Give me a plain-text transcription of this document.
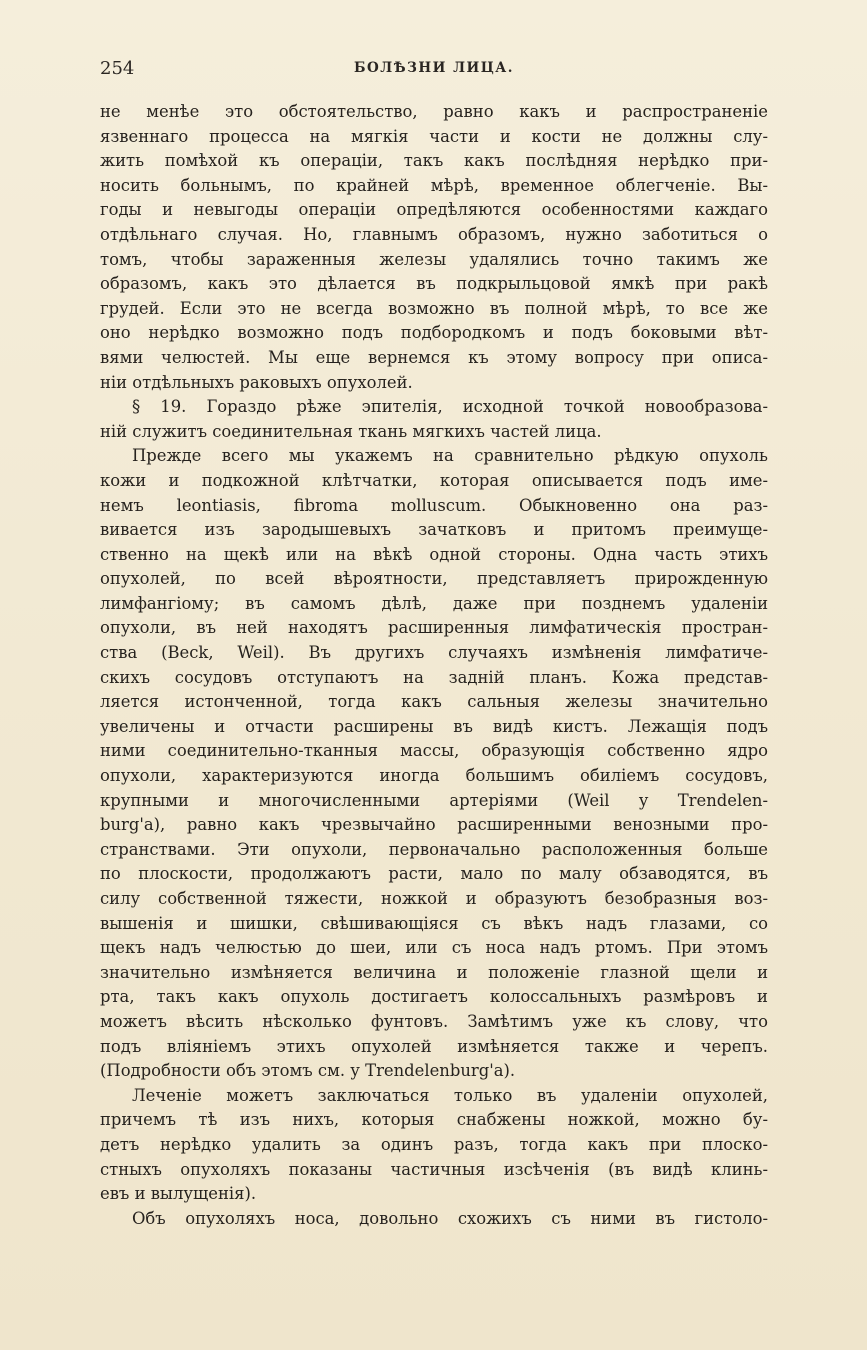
254	БОЛѢЗНИ ЛИЦА.
не менѣе это обстоятельство, равно какъ и распространеніе
язвеннаго процесса на мягкія части и кости не должны слу-
жить помѣхой къ операціи, такъ какъ послѣдняя нерѣдко при-
носить больнымъ, по крайней мѣрѣ, временное облегченіе. Вы-
годы и невыгоды операціи опредѣляются особенностями каждаго
отдѣльнаго случая. Но, главнымъ образомъ, нужно заботиться о
томъ, чтобы зараженныя железы удалялись точно такимъ же
образомъ, какъ это дѣлается въ подкрыльцовой ямкѣ при ракѣ
грудей. Если это не всегда возможно въ полной мѣрѣ, то все же
оно нерѣдко возможно подъ подбородкомъ и подъ боковыми вѣт-
вями челюстей. Мы еще вернемся къ этому вопросу при описа-
ніи отдѣльныхъ раковыхъ опухолей.
§ 19. Гораздо рѣже эпителія, исходной точкой новообразова-
ній служитъ соединительная ткань мягкихъ частей лица.
Прежде всего мы укажемъ на сравнительно рѣдкую опухоль
кожи и подкожной клѣтчатки, которая описывается подъ име-
немъ leontiasis, fibroma molluscum. Обыкновенно она раз-
вивается изъ зародышевыхъ зачатковъ и притомъ преимуще-
ственно на щекѣ или на вѣкѣ одной стороны. Одна часть этихъ
опухолей, по всей вѣроятности, представляетъ прирожденную
лимфангіому; въ самомъ дѣлѣ, даже при позднемъ удаленіи
опухоли, въ ней находятъ расширенныя лимфатическія простран-
ства (Beck, Weil). Въ другихъ случаяхъ измѣненія лимфатиче-
скихъ сосудовъ отступаютъ на задній планъ. Кожа представ-
ляется истонченной, тогда какъ сальныя железы значительно
увеличены и отчасти расширены въ видѣ кистъ. Лежащія подъ
ними соединительно-тканныя массы, образующія собственно ядро
опухоли, характеризуются иногда большимъ обиліемъ сосудовъ,
крупными и многочисленными артеріями (Weil у Trendelen-
burg'a), равно какъ чрезвычайно расширенными венозными про-
странствами. Эти опухоли, первоначально расположенныя больше
по плоскости, продолжаютъ расти, мало по малу обзаводятся, въ
силу собственной тяжести, ножкой и образуютъ безобразныя воз-
вышенія и шишки, свѣшивающіяся съ вѣкъ надъ глазами, со
щекъ надъ челюстью до шеи, или съ носа надъ ртомъ. При этомъ
значительно измѣняется величина и положеніе глазной щели и
рта, такъ какъ опухоль достигаетъ колоссальныхъ размѣровъ и
можетъ вѣсить нѣсколько фунтовъ. Замѣтимъ уже къ слову, что
подъ вліяніемъ этихъ опухолей измѣняется также и черепъ.
(Подробности объ этомъ см. у Trendelenburg'a).
Леченіе можетъ заключаться только въ удаленіи опухолей,
причемъ тѣ изъ нихъ, которыя снабжены ножкой, можно бу-
детъ нерѣдко удалить за одинъ разъ, тогда какъ при плоско-
стныхъ опухоляхъ показаны частичныя изсѣченія (въ видѣ клинь-
евъ и вылущенія).
Объ опухоляхъ носа, довольно схожихъ съ ними въ гистоло-
